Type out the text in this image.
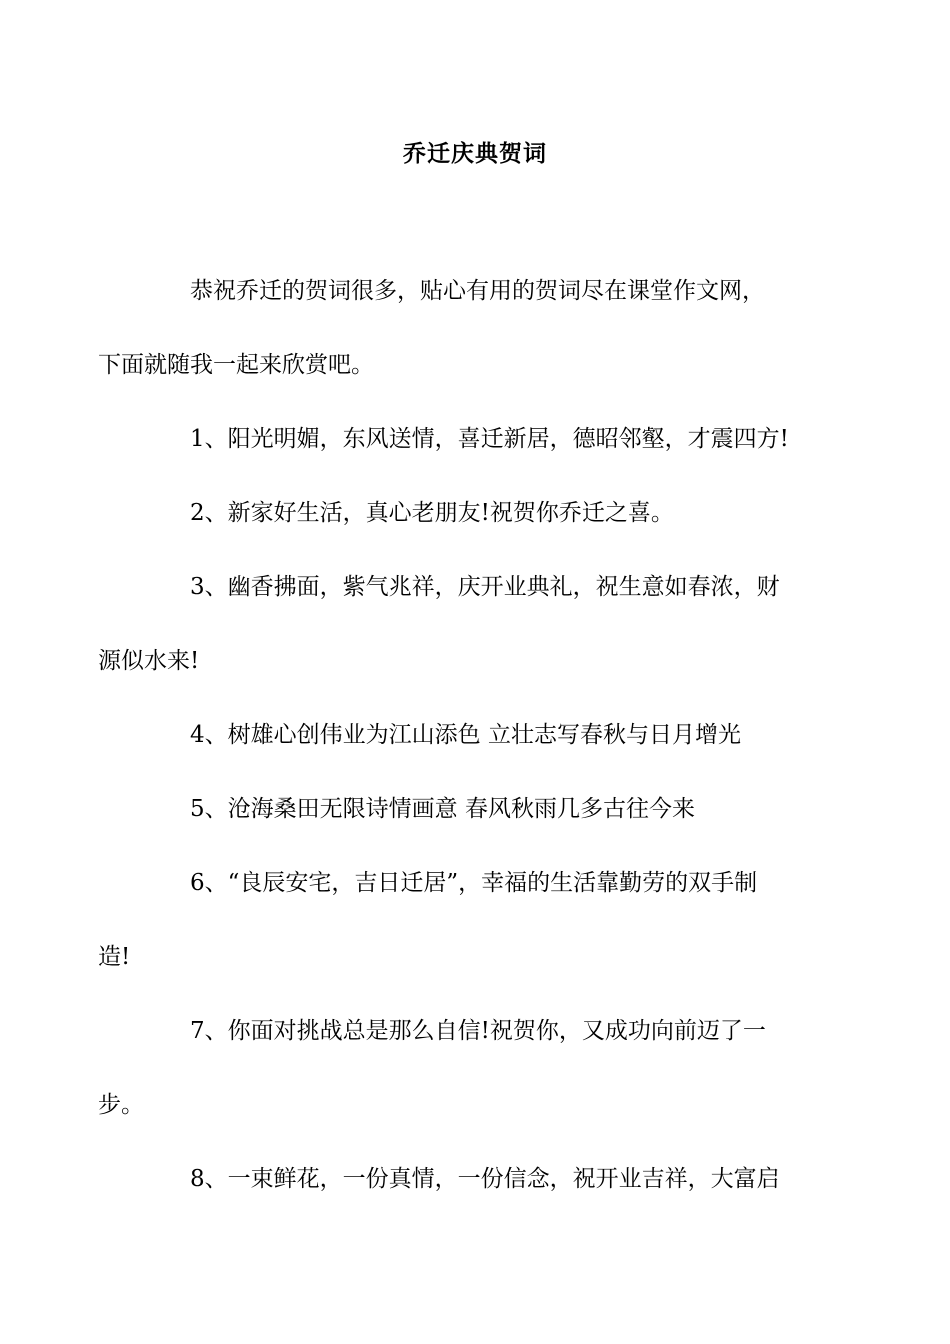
乔迁庆典贺词

恭祝乔迁的贺词很多，贴心有用的贺词尽在课堂作文网，
下面就随我一起来欣赏吧。

1、阳光明媚，东风送情，喜迁新居，德昭邻壑，才震四方!

2、新家好生活，真心老朋友!祝贺你乔迁之喜。

3、幽香拂面，紫气兆祥，庆开业典礼，祝生意如春浓，财
源似水来!

4、树雄心创伟业为江山添色 立壮志写春秋与日月增光

5、沧海桑田无限诗情画意 春风秋雨几多古往今来

6、“良辰安宅，吉日迁居”，幸福的生活靠勤劳的双手制
造!

7、你面对挑战总是那么自信!祝贺你，又成功向前迈了一
步。

8、一束鲜花，一份真情，一份信念，祝开业吉祥，大富启
